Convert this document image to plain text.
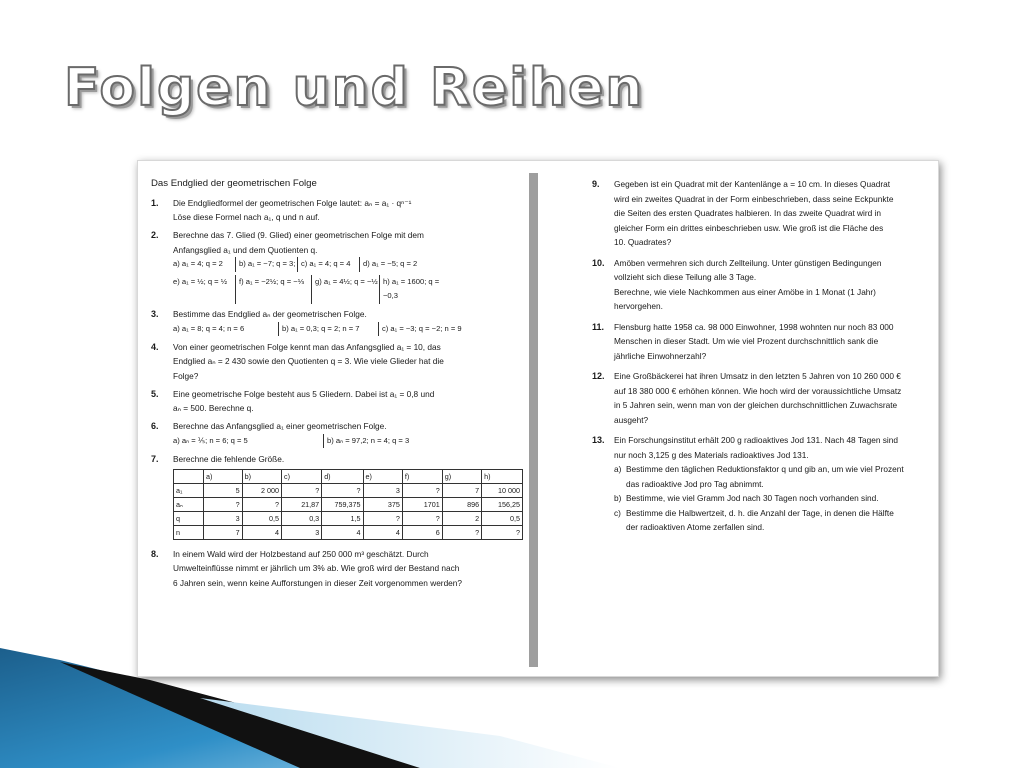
Folgen und Reihen
Das Endglied der geometrischen Folge
1.	Die Endgliedformel der geometrischen Folge lautet: aₙ = a₁ · qⁿ⁻¹

Löse diese Formel nach a₁, q und n auf.

2.	Berechne das 7. Glied (9. Glied) einer geometrischen Folge mit dem

Anfangsglied a₁ und dem Quotienten q.

a) a₁ = 4; q = 2	b) a₁ = −7; q = 3; c) a₁ = 4; q = 4	d) a₁ = −5; q = 2
e) a₁ = ½; q = ½	f) a₁ = −2½; q = −⅓	g) a₁ = 4½; q = −½ h) a₁ = 1600; q = −0,3
3.	Bestimme das Endglied aₙ der geometrischen Folge.

a) a₁ = 8; q = 4; n = 6	b) a₁ = 0,3; q = 2; n = 7	c) a₁ = −3; q = −2; n = 9
4.	Von einer geometrischen Folge kennt man das Anfangsglied a₁ = 10, das

Endglied aₙ = 2 430 sowie den Quotienten q = 3. Wie viele Glieder hat die

Folge?

5.	Eine geometrische Folge besteht aus 5 Gliedern. Dabei ist a₁ = 0,8 und

aₙ = 500. Berechne q.

6.	Berechne das Anfangsglied a₁ einer geometrischen Folge.

a) aₙ = ⅕; n = 6; q = 5	b) aₙ = 97,2; n = 4; q = 3
7.	Berechne die fehlende Größe.

	a)	b)	c)	d)	e)	f)	g)	h)
a₁	5	2 000	?	?	3	?	7	10 000
aₙ	?	?	21,87	759,375	375	1701	896	156,25
q	3	0,5	0,3	1,5	?	?	2	0,5
n	7	4	3	4	4	6	?	?
8.	In einem Wald wird der Holzbestand auf 250 000 m³ geschätzt. Durch

Umwelteinflüsse nimmt er jährlich um 3% ab. Wie groß wird der Bestand nach

6 Jahren sein, wenn keine Aufforstungen in dieser Zeit vorgenommen werden?

9.	Gegeben ist ein Quadrat mit der Kantenlänge a = 10 cm. In dieses Quadrat

wird ein zweites Quadrat in der Form einbeschrieben, dass seine Eckpunkte

die Seiten des ersten Quadrates halbieren. In das zweite Quadrat wird in

gleicher Form ein drittes einbeschrieben usw. Wie groß ist die Fläche des

10. Quadrates?

10.	Amöben vermehren sich durch Zellteilung. Unter günstigen Bedingungen

vollzieht sich diese Teilung alle 3 Tage.

Berechne, wie viele Nachkommen aus einer Amöbe in 1 Monat (1 Jahr)

hervorgehen.

11.	Flensburg hatte 1958 ca. 98 000 Einwohner, 1998 wohnten nur noch 83 000

Menschen in dieser Stadt. Um wie viel Prozent durchschnittlich sank die

jährliche Einwohnerzahl?

12.	Eine Großbäckerei hat ihren Umsatz in den letzten 5 Jahren von 10 260 000 €

auf 18 380 000 € erhöhen können. Wie hoch wird der voraussichtliche Umsatz

in 5 Jahren sein, wenn man von der gleichen durchschnittlichen Zuwachsrate

ausgeht?

13.	Ein Forschungsinstitut erhält 200 g radioaktives Jod 131. Nach 48 Tagen sind

nur noch 3,125 g des Materials radioaktives Jod 131.

a) Bestimme den täglichen Reduktionsfaktor q und gib an, um wie viel Prozent

das radioaktive Jod pro Tag abnimmt.

b) Bestimme, wie viel Gramm Jod nach 30 Tagen noch vorhanden sind.

c) Bestimme die Halbwertzeit, d. h. die Anzahl der Tage, in denen die Hälfte

der radioaktiven Atome zerfallen sind.
